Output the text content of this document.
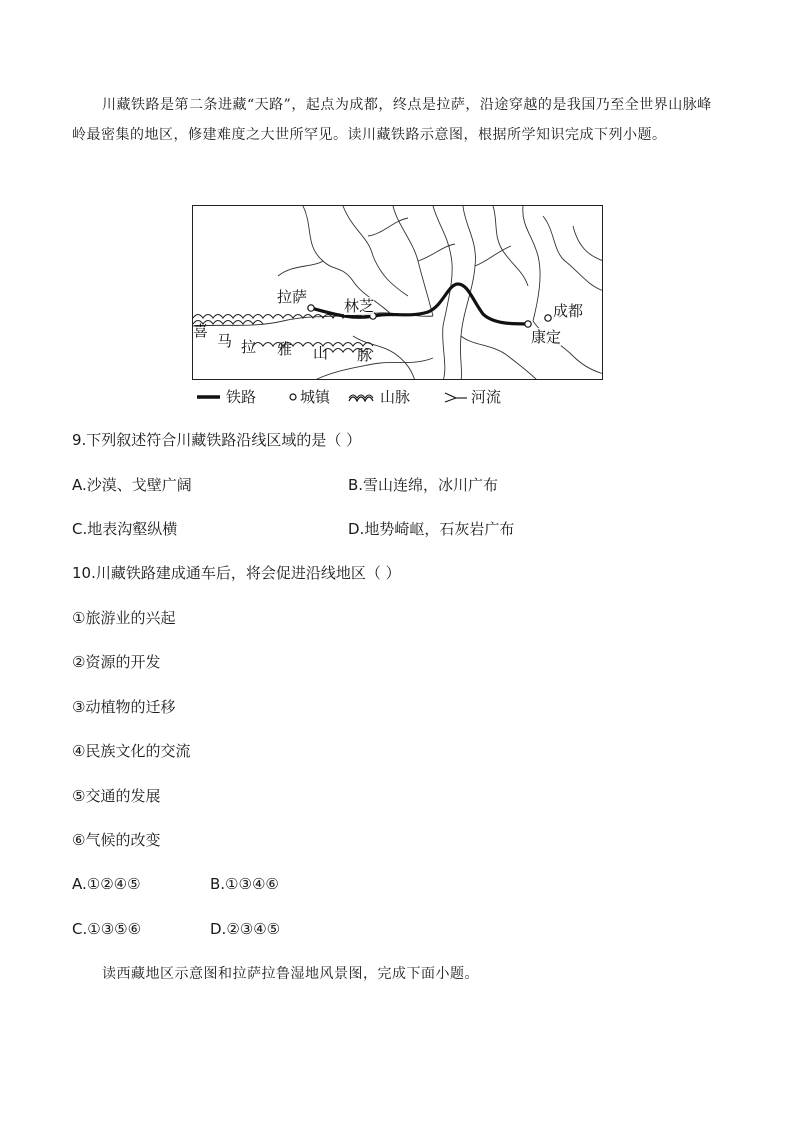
川藏铁路是第二条进藏“天路”，起点为成都，终点是拉萨，沿途穿越的是我国乃至全世界山脉峰岭最密集的地区，修建难度之大世所罕见。读川藏铁路示意图，根据所学知识完成下列小题。
拉萨 林芝	成都
康定
喜
马 拉 雅 山 脉
铁路	城镇	山脉	河流
9.下列叙述符合川藏铁路沿线区域的是（ ）
A.沙漠、戈壁广阔	B.雪山连绵，冰川广布
C.地表沟壑纵横	D.地势崎岖，石灰岩广布
10.川藏铁路建成通车后，将会促进沿线地区（ ）
①旅游业的兴起
②资源的开发
③动植物的迁移
④民族文化的交流
⑤交通的发展
⑥气候的改变
A.①②④⑤	B.①③④⑥
C.①③⑤⑥	D.②③④⑤
读西藏地区示意图和拉萨拉鲁湿地风景图，完成下面小题。
